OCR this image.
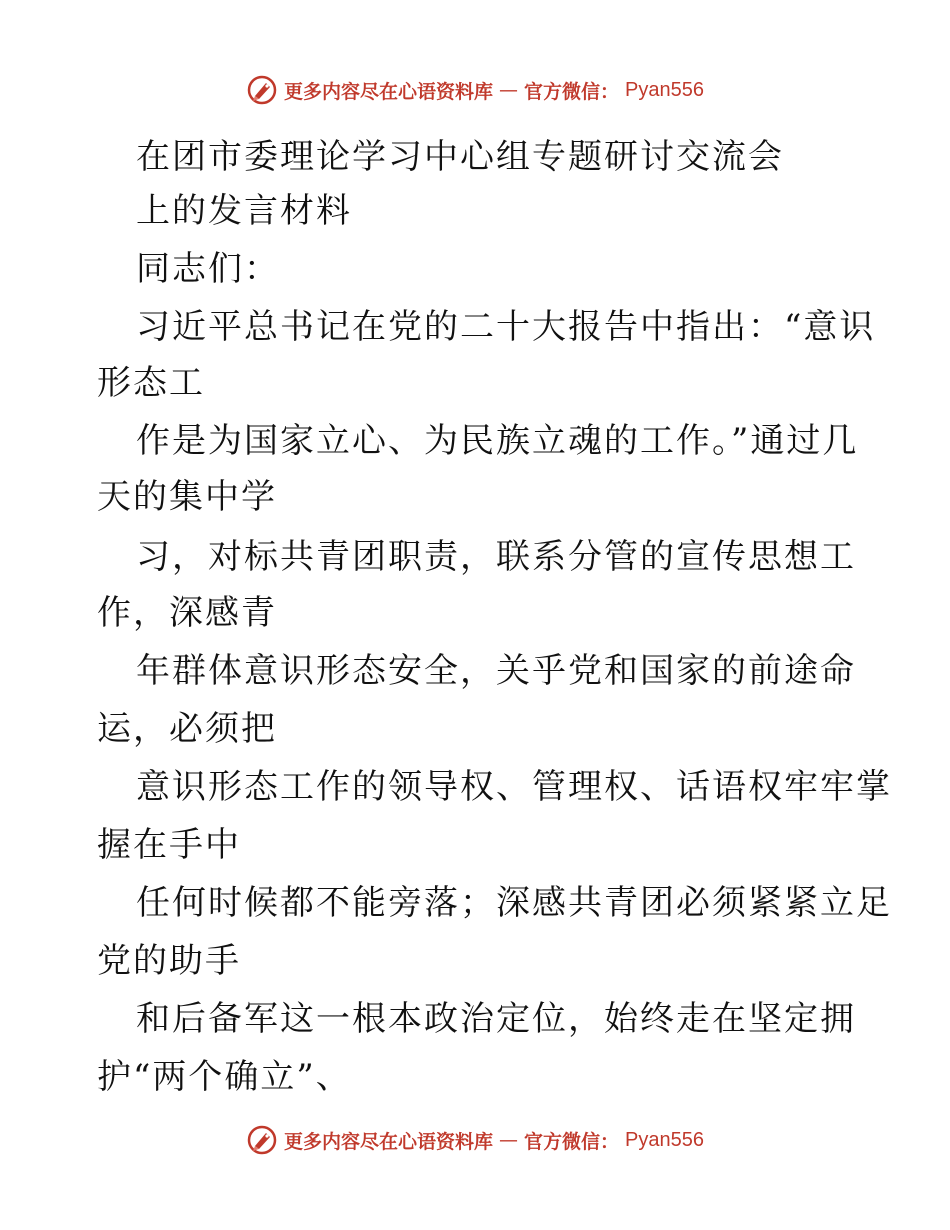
更多内容尽在心语资料库 — 官方微信： Pyan556
在团市委理论学习中心组专题研讨交流会
上的发言材料
同志们：
习近平总书记在党的二十大报告中指出：“意识
形态工
作是为国家立心、为民族立魂的工作。”通过几
天的集中学
习，对标共青团职责，联系分管的宣传思想工
作，深感青
年群体意识形态安全，关乎党和国家的前途命
运，必须把
意识形态工作的领导权、管理权、话语权牢牢掌
握在手中
任何时候都不能旁落；深感共青团必须紧紧立足
党的助手
和后备军这一根本政治定位，始终走在坚定拥
护“两个确立”、
更多内容尽在心语资料库 — 官方微信： Pyan556
